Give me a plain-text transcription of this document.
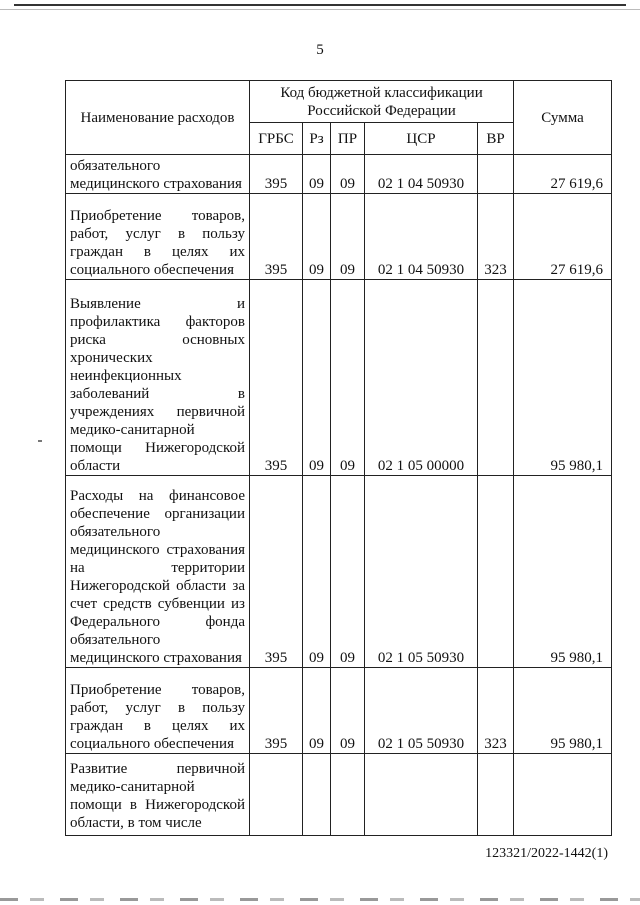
5
Наименование расходов	Код бюджетной классификации Российской Федерации					Сумма
	ГРБС	Рз	ПР	ЦСР	ВР	
обязательного медицинского страхования	395	09	09	02 1 04 50930		27 619,6
Приобретение товаров, работ, услуг в пользу граждан в целях их социального обеспечения	395	09	09	02 1 04 50930	323	27 619,6
Выявление и профилактика факторов риска основных хронических неинфекционных заболеваний в учреждениях первичной медико-санитарной помощи Нижегородской области	395	09	09	02 1 05 00000		95 980,1
Расходы на финансовое обеспечение организации обязательного медицинского страхования на территории Нижегородской области за счет средств субвенции из Федерального фонда обязательного медицинского страхования	395	09	09	02 1 05 50930		95 980,1
Приобретение товаров, работ, услуг в пользу граждан в целях их социального обеспечения	395	09	09	02 1 05 50930	323	95 980,1
Развитие первичной медико-санитарной помощи в Нижегородской области, в том числе						
123321/2022-1442(1)
